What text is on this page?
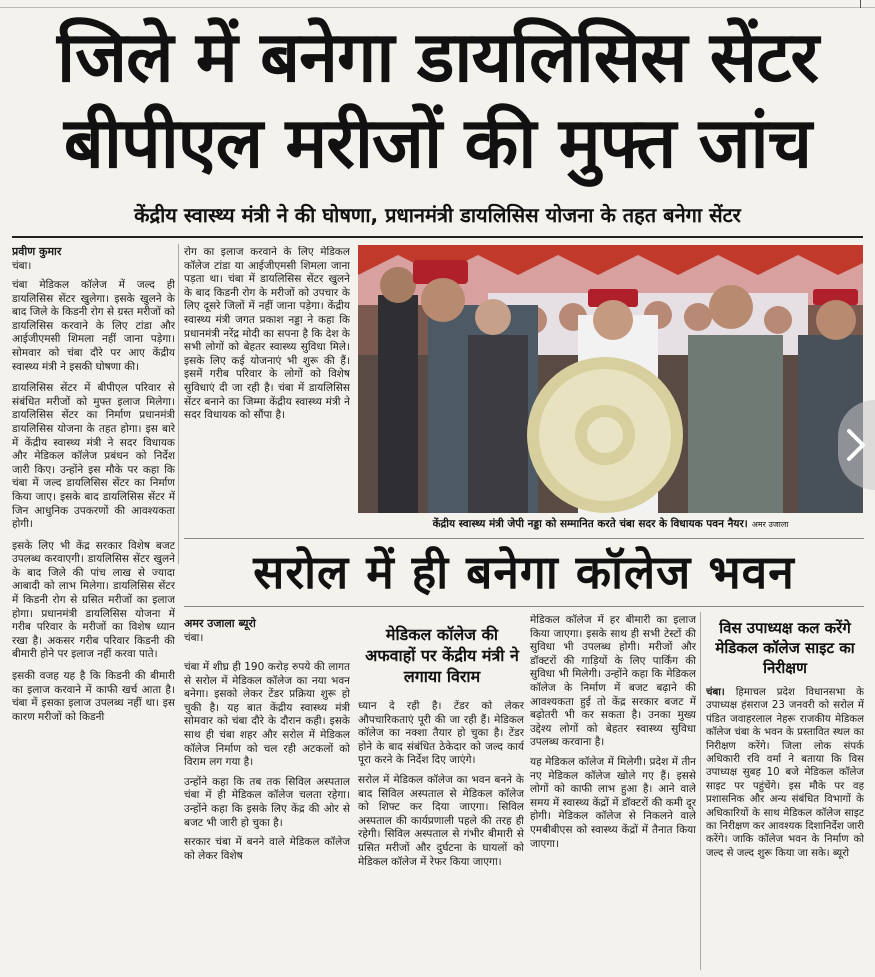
जिले में बनेगा डायलिसिस सेंटर
बीपीएल मरीजों की मुफ्त जांच
केंद्रीय स्वास्थ्य मंत्री ने की घोषणा, प्रधानमंत्री डायलिसिस योजना के तहत बनेगा सेंटर
प्रवीण कुमार
चंबा।

चंबा मेडिकल कॉलेज में जल्द ही डायलिसिस सेंटर खुलेगा। इसके खुलने के बाद जिले के किडनी रोग से ग्रस्त मरीजों को डायलिसिस करवाने के लिए टांडा और आईजीएमसी शिमला नहीं जाना पड़ेगा। सोमवार को चंबा दौरे पर आए केंद्रीय स्वास्थ्य मंत्री ने इसकी घोषणा की।

डायलिसिस सेंटर में बीपीएल परिवार से संबंधित मरीजों को मुफ्त इलाज मिलेगा। डायलिसिस सेंटर का निर्माण प्रधानमंत्री डायलिसिस योजना के तहत होगा। इस बारे में केंद्रीय स्वास्थ्य मंत्री ने सदर विधायक और मेडिकल कॉलेज प्रबंधन को निर्देश जारी किए। उन्होंने इस मौके पर कहा कि चंबा में जल्द डायलिसिस सेंटर का निर्माण किया जाए। इसके बाद डायलिसिस सेंटर में जिन आधुनिक उपकरणों की आवश्यकता होगी।

इसके लिए भी केंद्र सरकार विशेष बजट उपलब्ध करवाएगी। डायलिसिस सेंटर खुलने के बाद जिले की पांच लाख से ज्यादा आबादी को लाभ मिलेगा। डायलिसिस सेंटर में किडनी रोग से ग्रसित मरीजों का इलाज होगा। प्रधानमंत्री डायलिसिस योजना में गरीब परिवार के मरीजों का विशेष ध्यान रखा है। अकसर गरीब परिवार किडनी की बीमारी होने पर इलाज नहीं करवा पाते।

इसकी वजह यह है कि किडनी की बीमारी का इलाज करवाने में काफी खर्च आता है। चंबा में इसका इलाज उपलब्ध नहीं था। इस कारण मरीजों को किडनी

रोग का इलाज करवाने के लिए मेडिकल कॉलेज टांडा या आईजीएमसी शिमला जाना पड़ता था। चंबा में डायलिसिस सेंटर खुलने के बाद किडनी रोग के मरीजों को उपचार के लिए दूसरे जिलों में नहीं जाना पड़ेगा। केंद्रीय स्वास्थ्य मंत्री जगत प्रकाश नड्डा ने कहा कि प्रधानमंत्री नरेंद्र मोदी का सपना है कि देश के सभी लोगों को बेहतर स्वास्थ्य सुविधा मिले। इसके लिए कई योजनाएं भी शुरू की हैं। इसमें गरीब परिवार के लोगों को विशेष सुविधाएं दी जा रही है। चंबा में डायलिसिस सेंटर बनाने का जिम्मा केंद्रीय स्वास्थ्य मंत्री ने सदर विधायक को सौंपा है।

केंद्रीय स्वास्थ्य मंत्री जेपी नड्डा को सम्मानित करते चंबा सदर के विधायक पवन नैयर। अमर उजाला
सरोल में ही बनेगा कॉलेज भवन
अमर उजाला ब्यूरो
चंबा।

चंबा में शीघ्र ही 190 करोड़ रुपये की लागत से सरोल में मेडिकल कॉलेज का नया भवन बनेगा। इसको लेकर टेंडर प्रक्रिया शुरू हो चुकी है। यह बात केंद्रीय स्वास्थ्य मंत्री सोमवार को चंबा दौरे के दौरान कही। इसके साथ ही चंबा शहर और सरोल में मेडिकल कॉलेज निर्माण को चल रही अटकलों को विराम लग गया है।

उन्होंने कहा कि तब तक सिविल अस्पताल चंबा में ही मेडिकल कॉलेज चलता रहेगा। उन्होंने कहा कि इसके लिए केंद्र की ओर से बजट भी जारी हो चुका है।

सरकार चंबा में बनने वाले मेडिकल कॉलेज को लेकर विशेष

मेडिकल कॉलेज की अफवाहों पर केंद्रीय मंत्री ने लगाया विराम

ध्यान दे रही है। टेंडर को लेकर औपचारिकताएं पूरी की जा रही हैं। मेडिकल कॉलेज का नक्शा तैयार हो चुका है। टेंडर होने के बाद संबंधित ठेकेदार को जल्द कार्य पूरा करने के निर्देश दिए जाएंगे।

सरोल में मेडिकल कॉलेज का भवन बनने के बाद सिविल अस्पताल से मेडिकल कॉलेज को शिफ्ट कर दिया जाएगा। सिविल अस्पताल की कार्यप्रणाली पहले की तरह ही रहेगी। सिविल अस्पताल से गंभीर बीमारी से ग्रसित मरीजों और दुर्घटना के घायलों को मेडिकल कॉलेज में रेफर किया जाएगा।

मेडिकल कॉलेज में हर बीमारी का इलाज किया जाएगा। इसके साथ ही सभी टेस्टों की सुविधा भी उपलब्ध होगी। मरीजों और डॉक्टरों की गाड़ियों के लिए पार्किंग की सुविधा भी मिलेगी। उन्होंने कहा कि मेडिकल कॉलेज के निर्माण में बजट बढ़ाने की आवश्यकता हुई तो केंद्र सरकार बजट में बढ़ोतरी भी कर सकता है। उनका मुख्य उद्देश्य लोगों को बेहतर स्वास्थ्य सुविधा उपलब्ध करवाना है।

यह मेडिकल कॉलेज में मिलेगी। प्रदेश में तीन नए मेडिकल कॉलेज खोले गए हैं। इससे लोगों को काफी लाभ हुआ है। आने वाले समय में स्वास्थ्य केंद्रों में डॉक्टरों की कमी दूर होगी। मेडिकल कॉलेज से निकलने वाले एमबीबीएस को स्वास्थ्य केंद्रों में तैनात किया जाएगा।

विस उपाध्यक्ष कल करेंगे मेडिकल कॉलेज साइट का निरीक्षण

चंबा। हिमाचल प्रदेश विधानसभा के उपाध्यक्ष हंसराज 23 जनवरी को सरोल में पंडित जवाहरलाल नेहरू राजकीय मेडिकल कॉलेज चंबा के भवन के प्रस्तावित स्थल का निरीक्षण करेंगे। जिला लोक संपर्क अधिकारी रवि वर्मा ने बताया कि विस उपाध्यक्ष सुबह 10 बजे मेडिकल कॉलेज साइट पर पहुंचेंगे। इस मौके पर वह प्रशासनिक और अन्य संबंधित विभागों के अधिकारियों के साथ मेडिकल कॉलेज साइट का निरीक्षण कर आवश्यक दिशानिर्देश जारी करेंगे। जाकि कॉलेज भवन के निर्माण को जल्द से जल्द शुरू किया जा सके। ब्यूरो
